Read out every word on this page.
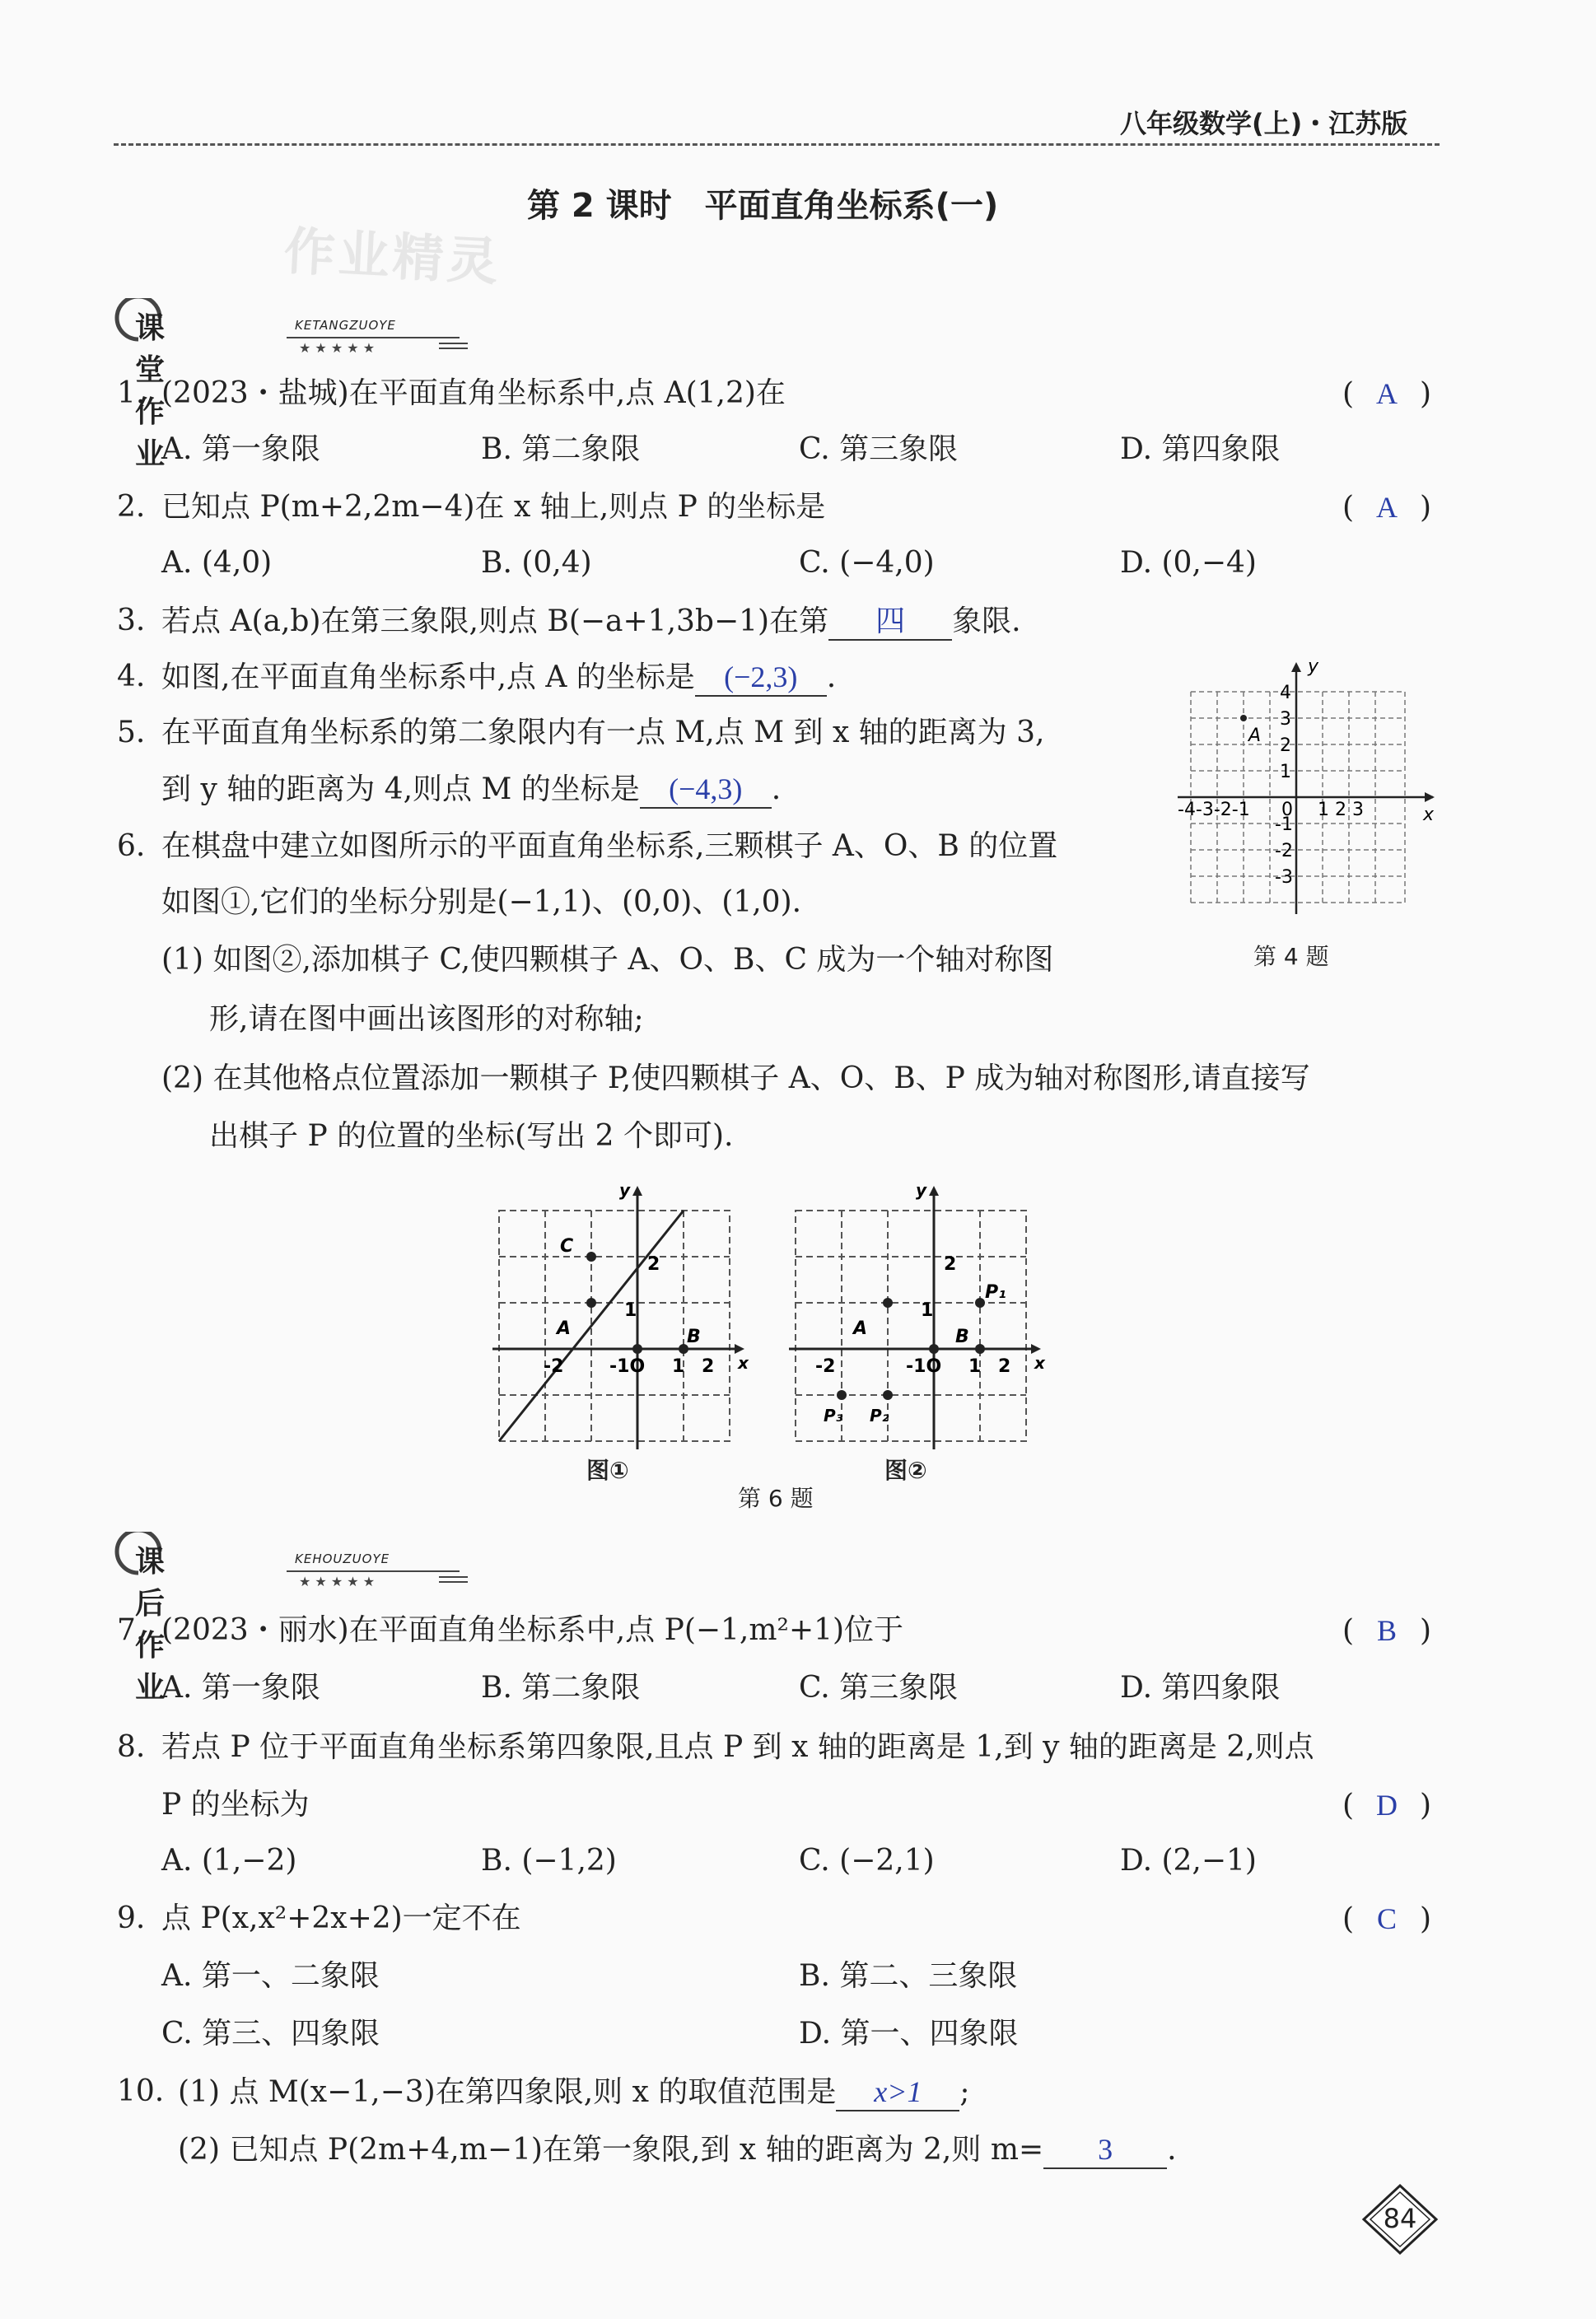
八年级数学(上)・江苏版
第 2 课时　平面直角坐标系(一)
作业精灵
★ ★ ★ ★ ★
课堂作业
KETANGZUOYE
1. (2023・盐城)在平面直角坐标系中,点 A(1,2)在	( A )
A. 第一象限	B. 第二象限	C. 第三象限	D. 第四象限
2. 已知点 P(m+2,2m−4)在 x 轴上,则点 P 的坐标是	( A )
A. (4,0)	B. (0,4)	C. (−4,0)	D. (0,−4)
3. 若点 A(a,b)在第三象限,则点 B(−a+1,3b−1)在第 四 象限.
4. 如图,在平面直角坐标系中,点 A 的坐标是 (−2,3) .
5. 在平面直角坐标系的第二象限内有一点 M,点 M 到 x 轴的距离为 3,
到 y 轴的距离为 4,则点 M 的坐标是 (−4,3) .
y
x
4
3
2
1
-4-3-2-1 0 1 2 3
-1
-2
-3
A
第 4 题
6. 在棋盘中建立如图所示的平面直角坐标系,三颗棋子 A、O、B 的位置
如图①,它们的坐标分别是(−1,1)、(0,0)、(1,0).
(1) 如图②,添加棋子 C,使四颗棋子 A、O、B、C 成为一个轴对称图
形,请在图中画出该图形的对称轴;
(2) 在其他格点位置添加一颗棋子 P,使四颗棋子 A、O、B、P 成为轴对称图形,请直接写
出棋子 P 的位置的坐标(写出 2 个即可).
y
x
C
A	B
-1O
2
1
-2	1 2
图①
y
x
A	B
P₁
P₃ P₂
-1O
2
1
-2	1 2
图②
第 6 题
★ ★ ★ ★ ★
课后作业
KEHOUZUOYE
7. (2023・丽水)在平面直角坐标系中,点 P(−1,m²+1)位于	( B )
A. 第一象限	B. 第二象限	C. 第三象限	D. 第四象限
8. 若点 P 位于平面直角坐标系第四象限,且点 P 到 x 轴的距离是 1,到 y 轴的距离是 2,则点
P 的坐标为	( D )
A. (1,−2)	B. (−1,2)	C. (−2,1)	D. (2,−1)
9. 点 P(x,x²+2x+2)一定不在	( C )
A. 第一、二象限	B. 第二、三象限
C. 第三、四象限	D. 第一、四象限
10. (1) 点 M(x−1,−3)在第四象限,则 x 的取值范围是 x>1 ;
(2) 已知点 P(2m+4,m−1)在第一象限,到 x 轴的距离为 2,则 m= 3 .
84
